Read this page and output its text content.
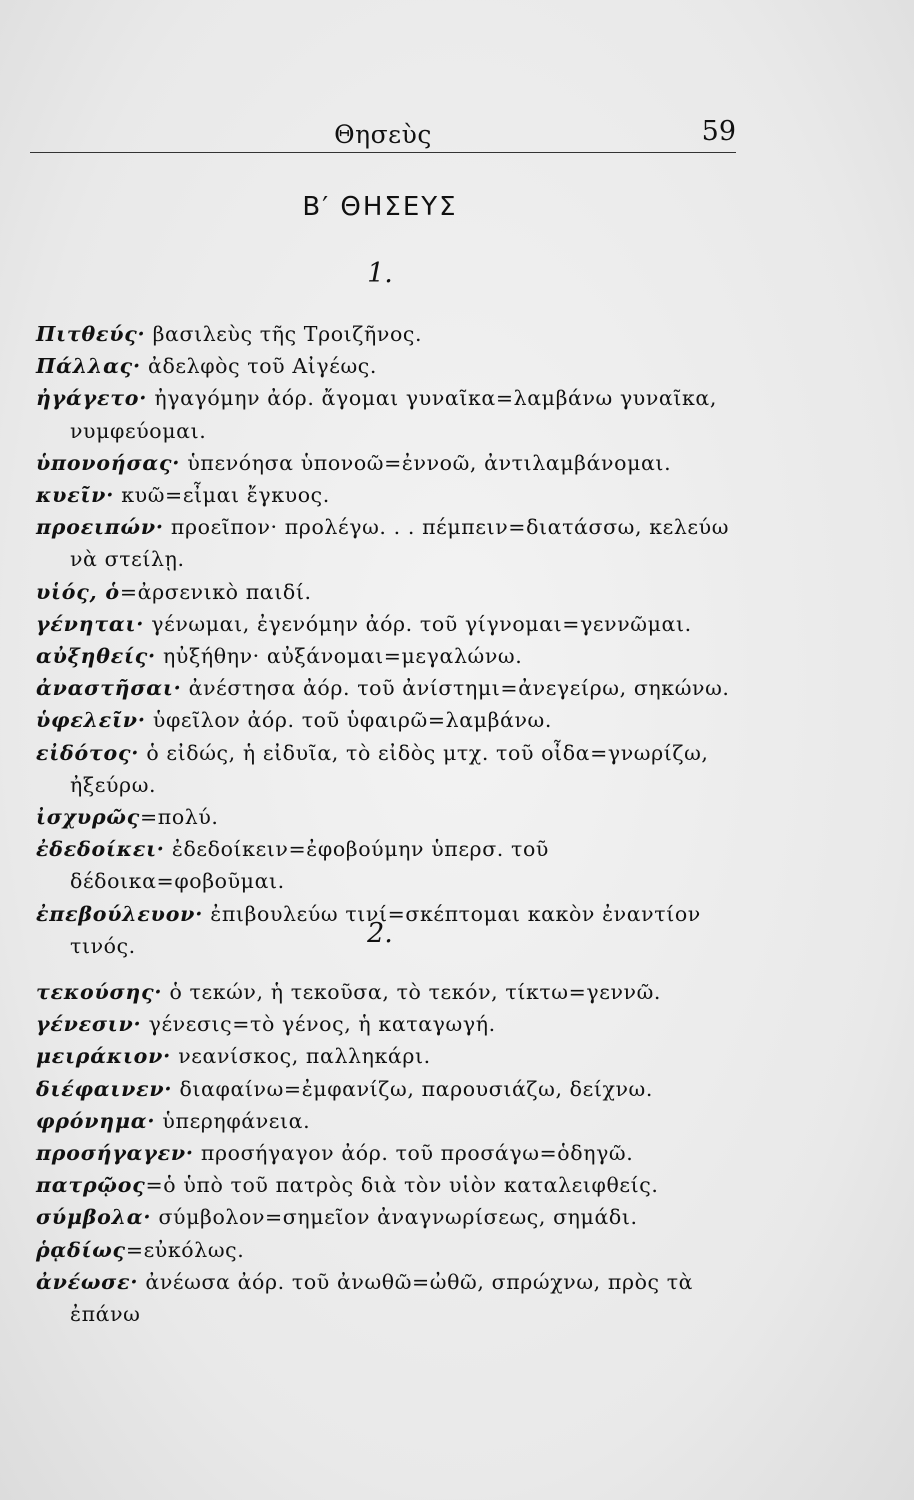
Θησεὺς	59
Β′ ΘΗΣΕΥΣ
1.
Πιτθεύς· βασιλεὺς τῆς Τροιζῆνος.
Πάλλας· ἀδελφὸς τοῦ Αἰγέως.
ἠγάγετο· ἠγαγόμην ἀόρ. ἄγομαι γυναῖκα=λαμβάνω γυναῖκα, νυμφεύομαι.
ὑπονοήσας· ὑπενόησα ὑπονοῶ=ἐννοῶ, ἀντιλαμβάνομαι.
κυεῖν· κυῶ=εἶμαι ἔγκυος.
προειπών· προεῖπον· προλέγω. . . πέμπειν=διατάσσω, κελεύω νὰ στείλῃ.
υἱός, ὁ=ἀρσενικὸ παιδί.
γένηται· γένωμαι, ἐγενόμην ἀόρ. τοῦ γίγνομαι=γεννῶμαι.
αὐξηθείς· ηὐξήθην· αὐξάνομαι=μεγαλώνω.
ἀναστῆσαι· ἀνέστησα ἀόρ. τοῦ ἀνίστημι=ἀνεγείρω, σηκώνω.
ὑφελεῖν· ὑφεῖλον ἀόρ. τοῦ ὑφαιρῶ=λαμβάνω.
εἰδότος· ὁ εἰδώς, ἡ εἰδυῖα, τὸ εἰδὸς μτχ. τοῦ οἶδα=γνωρίζω, ἠξεύρω.
ἰσχυρῶς=πολύ.
ἐδεδοίκει· ἐδεδοίκειν=ἐφοβούμην ὑπερσ. τοῦ δέδοικα=φοβοῦμαι.
ἐπεβούλευον· ἐπιβουλεύω τινί=σκέπτομαι κακὸν ἐναντίον τινός.	2.
τεκούσης· ὁ τεκών, ἡ τεκοῦσα, τὸ τεκόν, τίκτω=γεννῶ.
γένεσιν· γένεσις=τὸ γένος, ἡ καταγωγή.
μειράκιον· νεανίσκος, παλληκάρι.
διέφαινεν· διαφαίνω=ἐμφανίζω, παρουσιάζω, δείχνω.
φρόνημα· ὑπερηφάνεια.
προσήγαγεν· προσήγαγον ἀόρ. τοῦ προσάγω=ὁδηγῶ.
πατρῷος=ὁ ὑπὸ τοῦ πατρὸς διὰ τὸν υἱὸν καταλειφθείς.
σύμβολα· σύμβολον=σημεῖον ἀναγνωρίσεως, σημάδι.
ῥᾳδίως=εὐκόλως.
ἀνέωσε· ἀνέωσα ἀόρ. τοῦ ἀνωθῶ=ὠθῶ, σπρώχνω, πρὸς τὰ ἐπάνω
